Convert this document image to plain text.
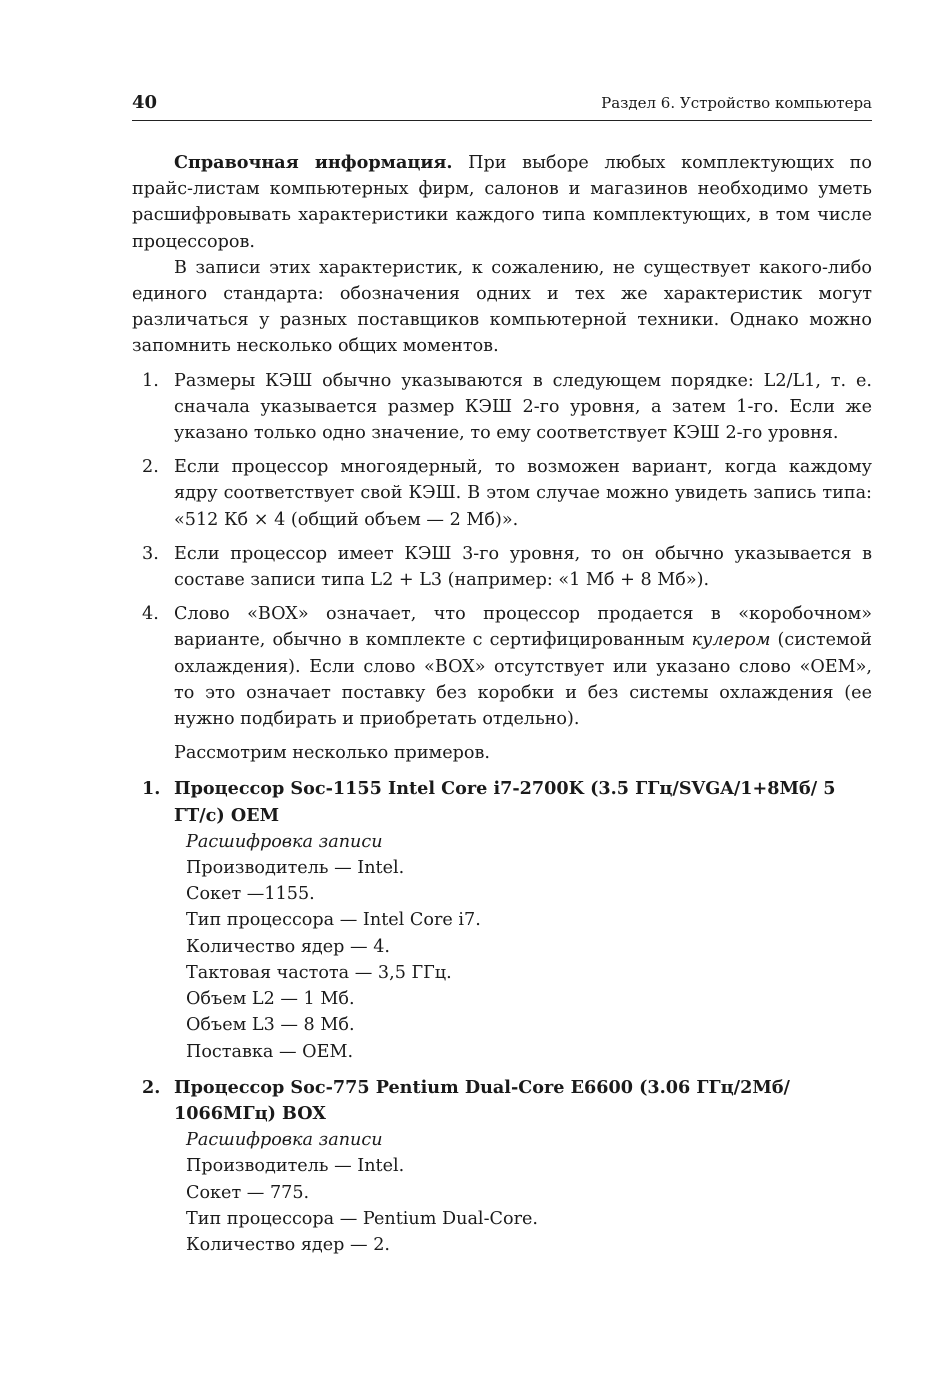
40	Раздел 6. Устройство компьютера

Справочная информация. При выборе любых комплектующих по прайс-листам компьютерных фирм, салонов и магазинов необходимо уметь расшифровывать характеристики каждого типа комплектующих, в том числе процессоров.

В записи этих характеристик, к сожалению, не существует какого-либо единого стандарта: обозначения одних и тех же характеристик могут различаться у разных поставщиков компьютерной техники. Однако можно запомнить несколько общих моментов.

1. Размеры КЭШ обычно указываются в следующем порядке: L2/L1, т. е. сначала указывается размер КЭШ 2-го уровня, а затем 1-го. Если же указано только одно значение, то ему соответствует КЭШ 2-го уровня.
2. Если процессор многоядерный, то возможен вариант, когда каждому ядру соответствует свой КЭШ. В этом случае можно увидеть запись типа: «512 Кб × 4 (общий объем — 2 Мб)».
3. Если процессор имеет КЭШ 3-го уровня, то он обычно указывается в составе записи типа L2 + L3 (например: «1 Мб + 8 Мб»).
4. Слово «BOX» означает, что процессор продается в «коробочном» варианте, обычно в комплекте с сертифицированным кулером (системой охлаждения). Если слово «BOX» отсутствует или указано слово «OEM», то это означает поставку без коробки и без системы охлаждения (ее нужно подбирать и приобретать отдельно).

Рассмотрим несколько примеров.

1. Процессор Soc-1155 Intel Core i7-2700K (3.5 ГГц/SVGA/1+8Мб/ 5 ГТ/с) OEM
Расшифровка записи
Производитель — Intel.
Сокет —1155.
Тип процессора — Intel Core i7.
Количество ядер — 4.
Тактовая частота — 3,5 ГГц.
Объем L2 — 1 Мб.
Объем L3 — 8 Мб.
Поставка — OEM.
2. Процессор Soc-775 Pentium Dual-Core E6600 (3.06 ГГц/2Мб/ 1066МГц) BOX
Расшифровка записи
Производитель — Intel.
Сокет — 775.
Тип процессора — Pentium Dual-Core.
Количество ядер — 2.
